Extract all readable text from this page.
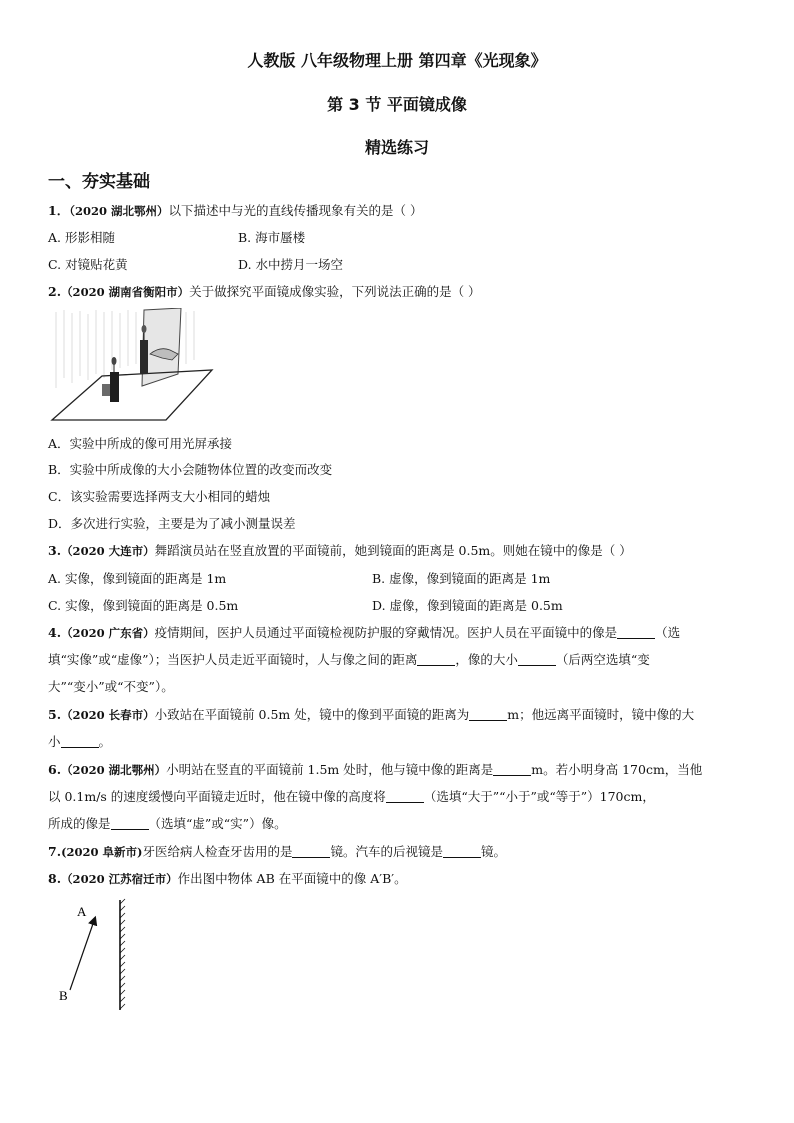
人教版 八年级物理上册 第四章《光现象》
第 3 节 平面镜成像
精选练习
一、夯实基础
1．（2020 湖北鄂州）以下描述中与光的直线传播现象有关的是（ ）
A. 形影相随	B. 海市蜃楼
C. 对镜贴花黄	D. 水中捞月一场空
2.（2020 湖南省衡阳市）关于做探究平面镜成像实验，下列说法正确的是（ ）
A．实验中所成的像可用光屏承接
B．实验中所成像的大小会随物体位置的改变而改变
C．该实验需要选择两支大小相同的蜡烛
D．多次进行实验，主要是为了减小测量误差
3.（2020 大连市）舞蹈演员站在竖直放置的平面镜前，她到镜面的距离是 0.5m。则她在镜中的像是（ ）
A. 实像，像到镜面的距离是 1m	B. 虚像，像到镜面的距离是 1m
C. 实像，像到镜面的距离是 0.5m	D. 虚像，像到镜面的距离是 0.5m
4.（2020 广东省）疫情期间，医护人员通过平面镜检视防护服的穿戴情况。医护人员在平面镜中的像是	（选
填“实像”或“虚像”）；当医护人员走近平面镜时，人与像之间的距离	，像的大小	（后两空选填“变
大”“变小”或“不变”）。
5.（2020 长春市）小致站在平面镜前 0.5m 处，镜中的像到平面镜的距离为	m；他远离平面镜时，镜中像的大
小	。
6.（2020 湖北鄂州）小明站在竖直的平面镜前 1.5m 处时，他与镜中像的距离是	m。若小明身高 170cm，当他
以 0.1m/s 的速度缓慢向平面镜走近时，他在镜中像的高度将	（选填“大于”“小于”或“等于”）170cm，
所成的像是	（选填“虚”或“实”）像。
7.(2020 阜新市)牙医给病人检查牙齿用的是	镜。汽车的后视镜是	镜。
8.（2020 江苏宿迁市）作出图中物体 AB 在平面镜中的像 A′B′。
A
B
